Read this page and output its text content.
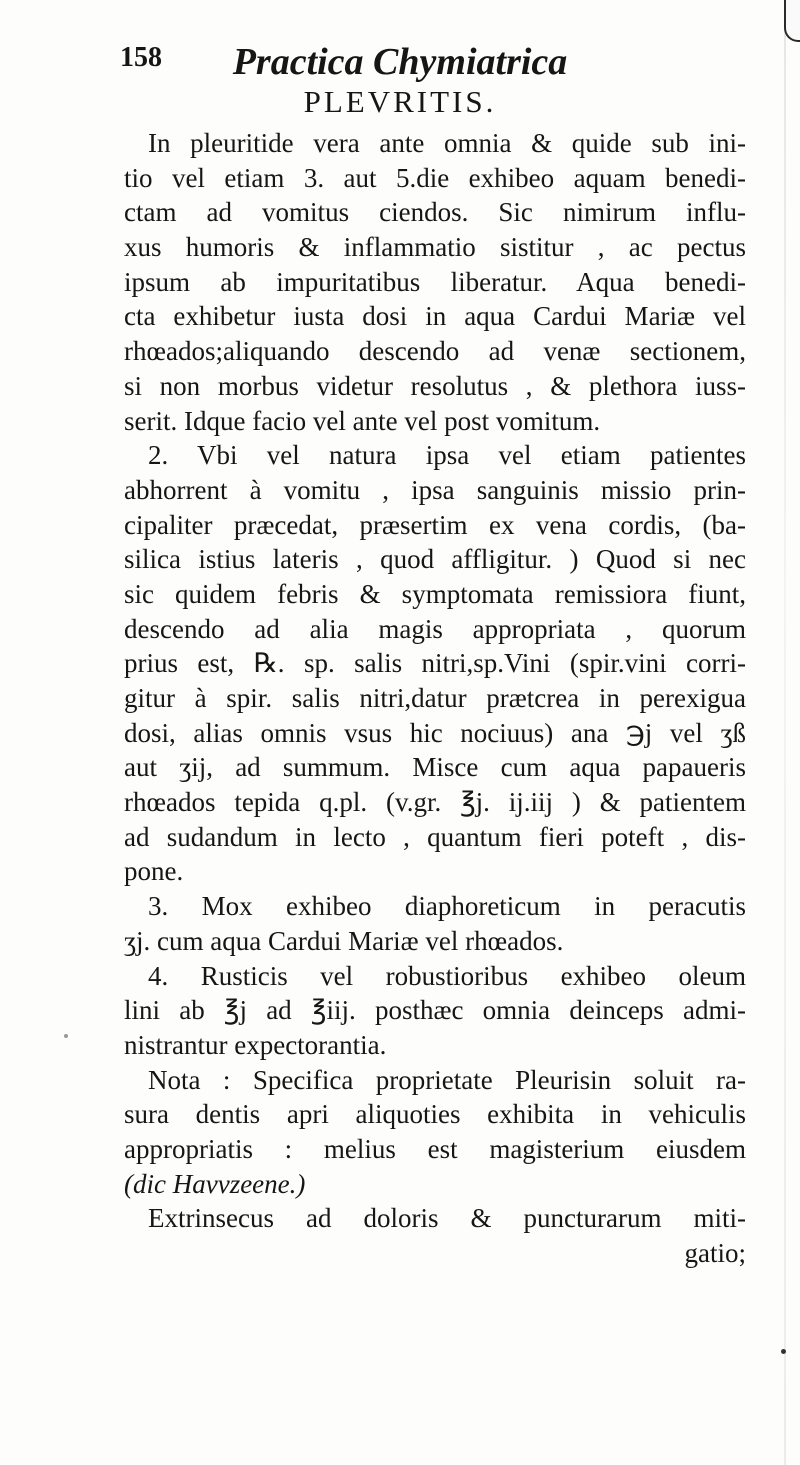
158	Practica Chymiatrica
PLEVRITIS.
In pleuritide vera ante omnia & quide sub ini-
tio vel etiam 3. aut 5.die exhibeo aquam benedi-
ctam ad vomitus ciendos. Sic nimirum influ-
xus humoris & inflammatio sistitur , ac pectus
ipsum ab impuritatibus liberatur. Aqua benedi-
cta exhibetur iusta dosi in aqua Cardui Mariæ vel
rhœados;aliquando descendo ad venæ sectionem,
si non morbus videtur resolutus , & plethora iuss-
serit. Idque facio vel ante vel post vomitum.
2. Vbi vel natura ipsa vel etiam patientes
abhorrent à vomitu , ipsa sanguinis missio prin-
cipaliter præcedat, præsertim ex vena cordis, (ba-
silica istius lateris , quod affligitur. ) Quod si nec
sic quidem febris & symptomata remissiora fiunt,
descendo ad alia magis appropriata , quorum
prius est, ℞. sp. salis nitri,sp.Vini (spir.vini corri-
gitur à spir. salis nitri,datur prætcrea in perexigua
dosi, alias omnis vsus hic nociuus) ana ℈j vel ʒß
aut ʒij, ad summum. Misce cum aqua papaueris
rhœados tepida q.pl. (v.gr. ℥j. ij.iij ) & patientem
ad sudandum in lecto , quantum fieri poteft , dis-
pone.
3. Mox exhibeo diaphoreticum in peracutis
ʒj. cum aqua Cardui Mariæ vel rhœados.
4. Rusticis vel robustioribus exhibeo oleum
lini ab ℥j ad ℥iij. posthæc omnia deinceps admi-
nistrantur expectorantia.
Nota : Specifica proprietate Pleurisin soluit ra-
sura dentis apri aliquoties exhibita in vehiculis
appropriatis : melius est magisterium eiusdem
(dic Havvzeene.)
Extrinsecus ad doloris & puncturarum miti-
gatio;
